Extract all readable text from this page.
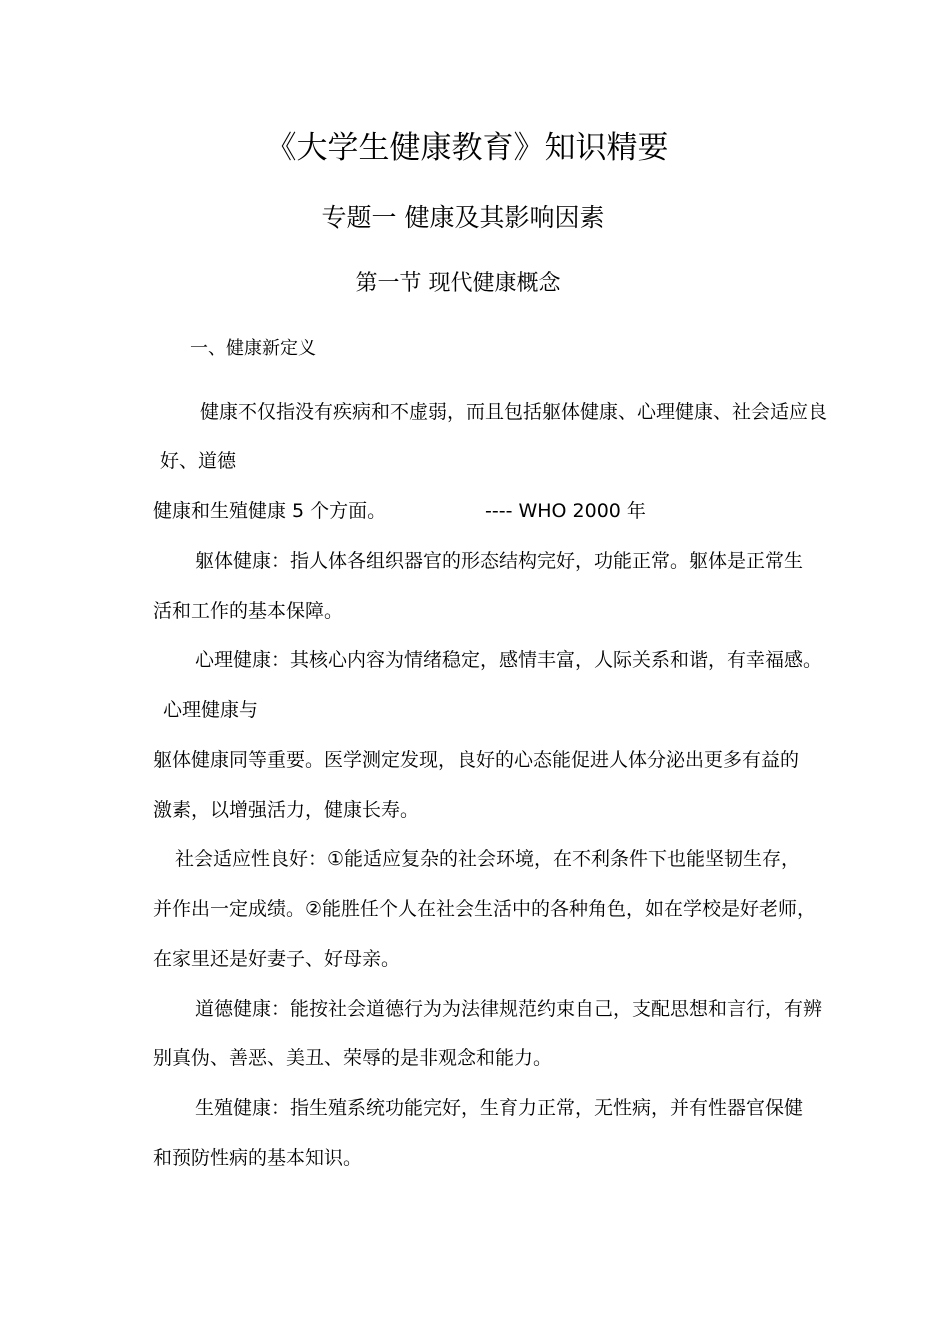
《大学生健康教育》知识精要
专题一 健康及其影响因素
第一节 现代健康概念
一、健康新定义
健康不仅指没有疾病和不虚弱，而且包括躯体健康、心理健康、社会适应良
好、道德
健康和生殖健康 5 个方面。	---- WHO 2000 年
躯体健康：指人体各组织器官的形态结构完好，功能正常。躯体是正常生
活和工作的基本保障。
心理健康：其核心内容为情绪稳定，感情丰富，人际关系和谐，有幸福感。
心理健康与
躯体健康同等重要。医学测定发现，良好的心态能促进人体分泌出更多有益的
激素，以增强活力，健康长寿。
社会适应性良好：①能适应复杂的社会环境，在不利条件下也能坚韧生存，
并作出一定成绩。②能胜任个人在社会生活中的各种角色，如在学校是好老师，
在家里还是好妻子、好母亲。
道德健康：能按社会道德行为为法律规范约束自己，支配思想和言行，有辨
别真伪、善恶、美丑、荣辱的是非观念和能力。
生殖健康：指生殖系统功能完好，生育力正常，无性病，并有性器官保健
和预防性病的基本知识。
